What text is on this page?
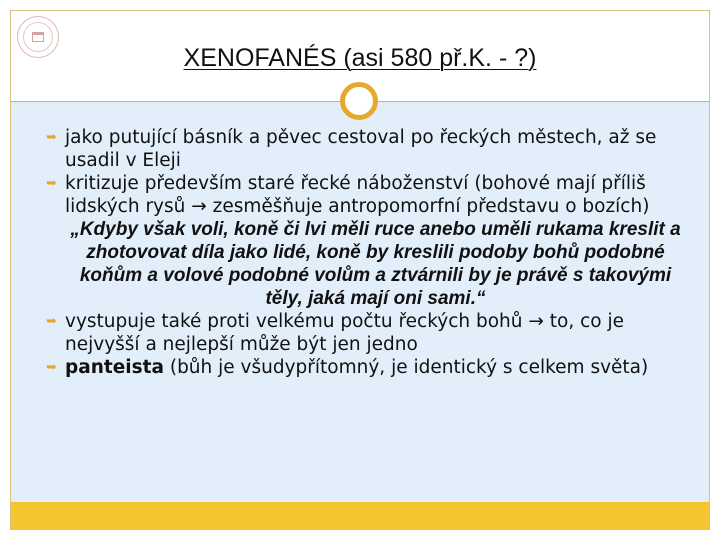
XENOFANÉS (asi 580 př.K. - ?)
➥ jako putující básník a pěvec cestoval po řeckých městech, až se usadil v Eleji
➥ kritizuje především staré řecké náboženství (bohové mají příliš lidských rysů → zesměšňuje antropomorfní představu o bozích)
„Kdyby však voli, koně či lvi měli ruce anebo uměli rukama kreslit a zhotovovat díla jako lidé, koně by kreslili podoby bohů podobné koňům a volové podobné volům a ztvárnili by je právě s takovými těly, jaká mají oni sami.“
➥ vystupuje také proti velkému počtu řeckých bohů → to, co je nejvyšší a nejlepší může být jen jedno
➥ panteista (bůh je všudypřítomný, je identický s celkem světa)
